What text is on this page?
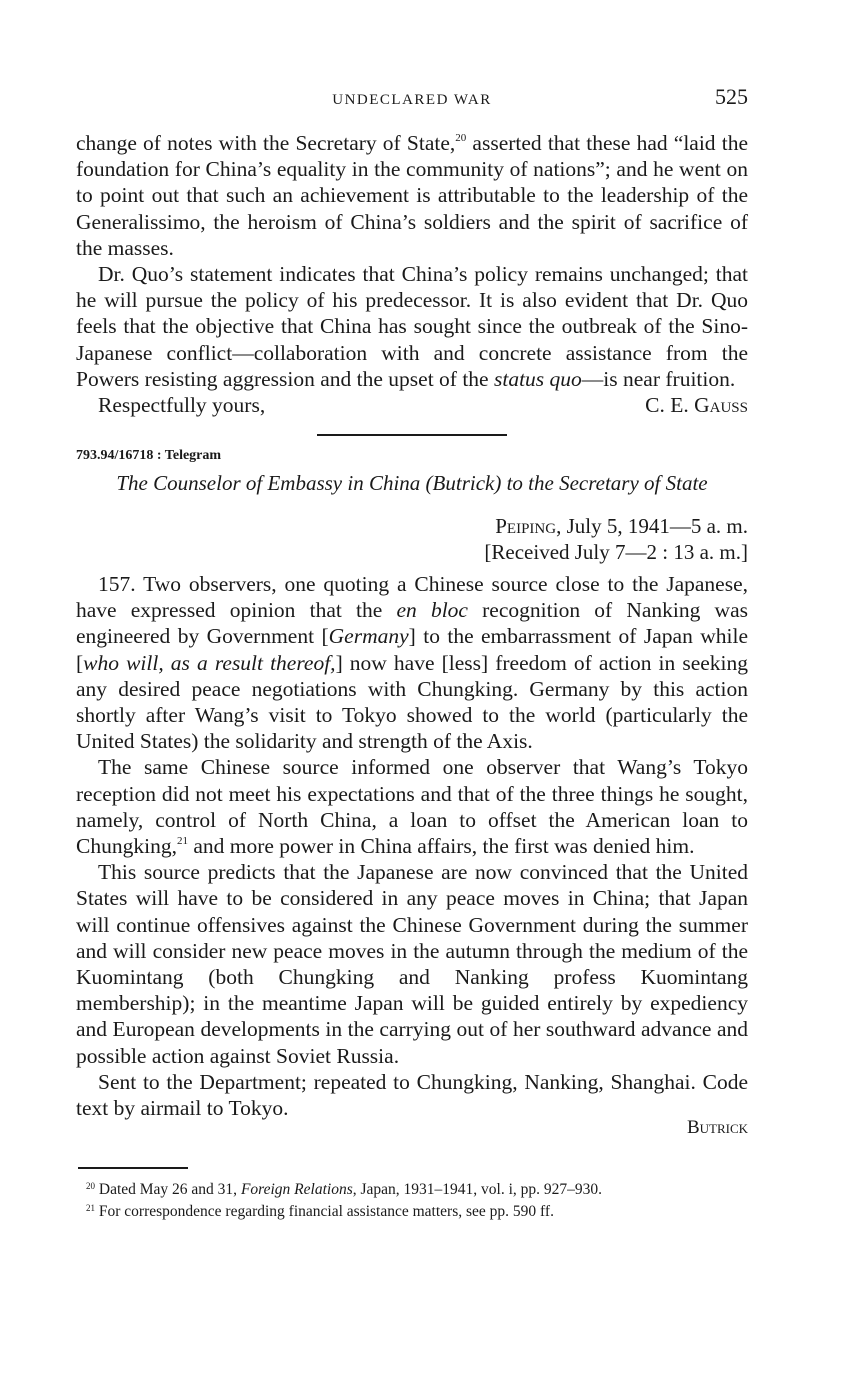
UNDECLARED WAR	525

change of notes with the Secretary of State,$^{20}$ asserted that these had “laid the foundation for China’s equality in the community of nations”; and he went on to point out that such an achievement is attributable to the leadership of the Generalissimo, the heroism of China’s soldiers and the spirit of sacrifice of the masses.

Dr. Quo’s statement indicates that China’s policy remains unchanged; that he will pursue the policy of his predecessor. It is also evident that Dr. Quo feels that the objective that China has sought since the outbreak of the Sino-Japanese conflict—collaboration with and concrete assistance from the Powers resisting aggression and the upset of the status quo—is near fruition.

Respectfully yours,	C. E. Gauss
793.94/16718 : Telegram
The Counselor of Embassy in China (Butrick) to the Secretary of State
Peiping, July 5, 1941—5 a. m.
[Received July 7—2 : 13 a. m.]

157. Two observers, one quoting a Chinese source close to the Japanese, have expressed opinion that the en bloc recognition of Nanking was engineered by Government [Germany] to the embarrassment of Japan while [who will, as a result thereof,] now have [less] freedom of action in seeking any desired peace negotiations with Chungking. Germany by this action shortly after Wang’s visit to Tokyo showed to the world (particularly the United States) the solidarity and strength of the Axis.

The same Chinese source informed one observer that Wang’s Tokyo reception did not meet his expectations and that of the three things he sought, namely, control of North China, a loan to offset the American loan to Chungking,$^{21}$ and more power in China affairs, the first was denied him.

This source predicts that the Japanese are now convinced that the United States will have to be considered in any peace moves in China; that Japan will continue offensives against the Chinese Government during the summer and will consider new peace moves in the autumn through the medium of the Kuomintang (both Chungking and Nanking profess Kuomintang membership); in the meantime Japan will be guided entirely by expediency and European developments in the carrying out of her southward advance and possible action against Soviet Russia.

Sent to the Department; repeated to Chungking, Nanking, Shanghai. Code text by airmail to Tokyo.

Butrick
$^{20}$ Dated May 26 and 31, Foreign Relations, Japan, 1931–1941, vol. i, pp. 927–930.
$^{21}$ For correspondence regarding financial assistance matters, see pp. 590 ff.
